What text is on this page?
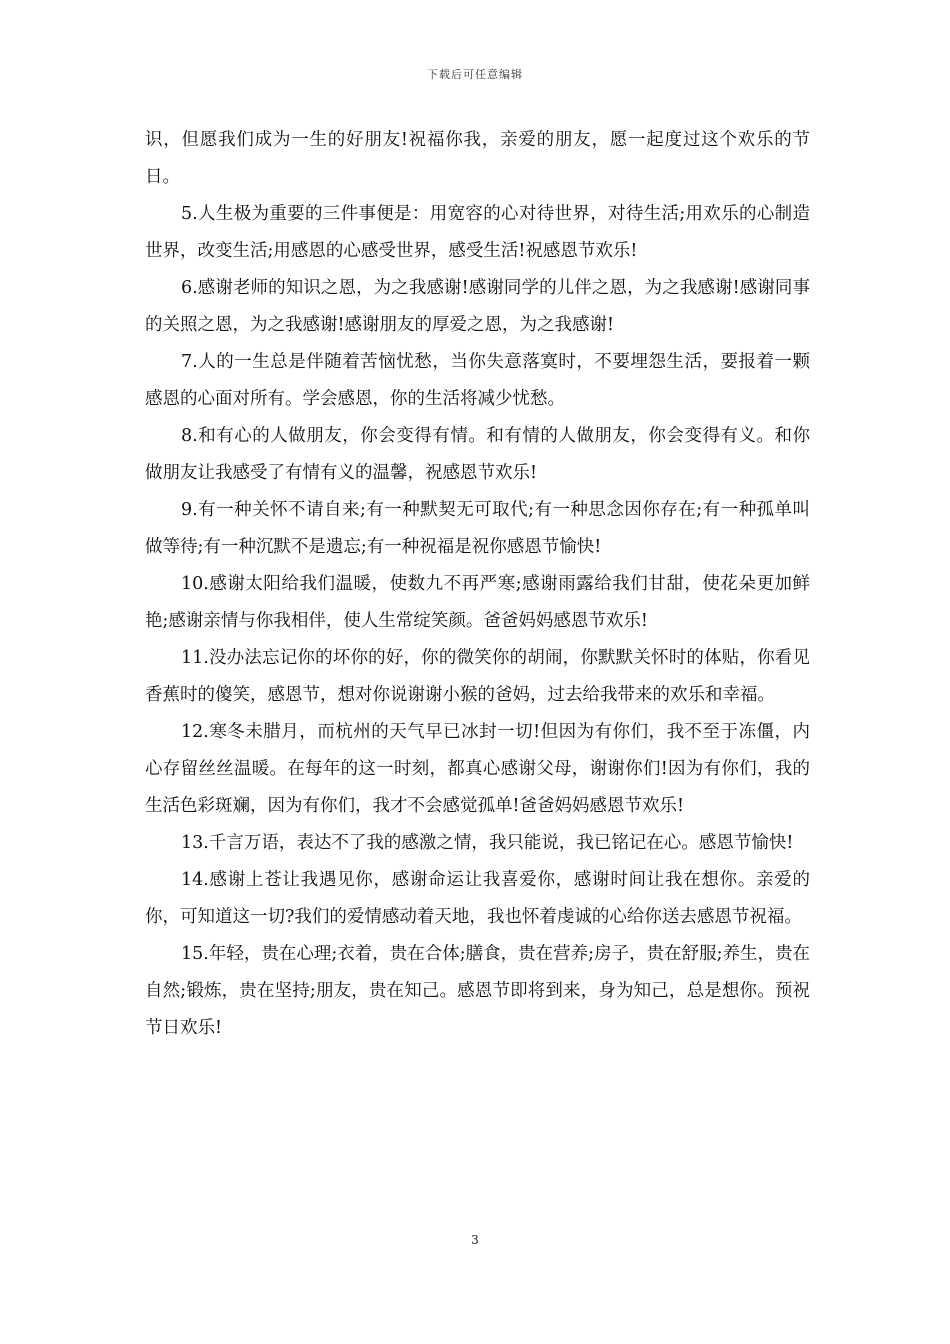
下载后可任意编辑

识，但愿我们成为一生的好朋友!祝福你我，亲爱的朋友，愿一起度过这个欢乐的节日。

5.人生极为重要的三件事便是：用宽容的心对待世界，对待生活;用欢乐的心制造世界，改变生活;用感恩的心感受世界，感受生活!祝感恩节欢乐!

6.感谢老师的知识之恩，为之我感谢!感谢同学的儿伴之恩，为之我感谢!感谢同事的关照之恩，为之我感谢!感谢朋友的厚爱之恩，为之我感谢!

7.人的一生总是伴随着苦恼忧愁，当你失意落寞时，不要埋怨生活，要报着一颗感恩的心面对所有。学会感恩，你的生活将减少忧愁。

8.和有心的人做朋友，你会变得有情。和有情的人做朋友，你会变得有义。和你做朋友让我感受了有情有义的温馨，祝感恩节欢乐!

9.有一种关怀不请自来;有一种默契无可取代;有一种思念因你存在;有一种孤单叫做等待;有一种沉默不是遗忘;有一种祝福是祝你感恩节愉快!

10.感谢太阳给我们温暖，使数九不再严寒;感谢雨露给我们甘甜，使花朵更加鲜艳;感谢亲情与你我相伴，使人生常绽笑颜。爸爸妈妈感恩节欢乐!

11.没办法忘记你的坏你的好，你的微笑你的胡闹，你默默关怀时的体贴，你看见香蕉时的傻笑，感恩节，想对你说谢谢小猴的爸妈，过去给我带来的欢乐和幸福。

12.寒冬未腊月，而杭州的天气早已冰封一切!但因为有你们，我不至于冻僵，内心存留丝丝温暖。在每年的这一时刻，都真心感谢父母，谢谢你们!因为有你们，我的生活色彩斑斓，因为有你们，我才不会感觉孤单!爸爸妈妈感恩节欢乐!

13.千言万语，表达不了我的感激之情，我只能说，我已铭记在心。感恩节愉快!

14.感谢上苍让我遇见你，感谢命运让我喜爱你，感谢时间让我在想你。亲爱的你，可知道这一切?我们的爱情感动着天地，我也怀着虔诚的心给你送去感恩节祝福。

15.年轻，贵在心理;衣着，贵在合体;膳食，贵在营养;房子，贵在舒服;养生，贵在自然;锻炼，贵在坚持;朋友，贵在知己。感恩节即将到来，身为知己，总是想你。预祝节日欢乐!

3
